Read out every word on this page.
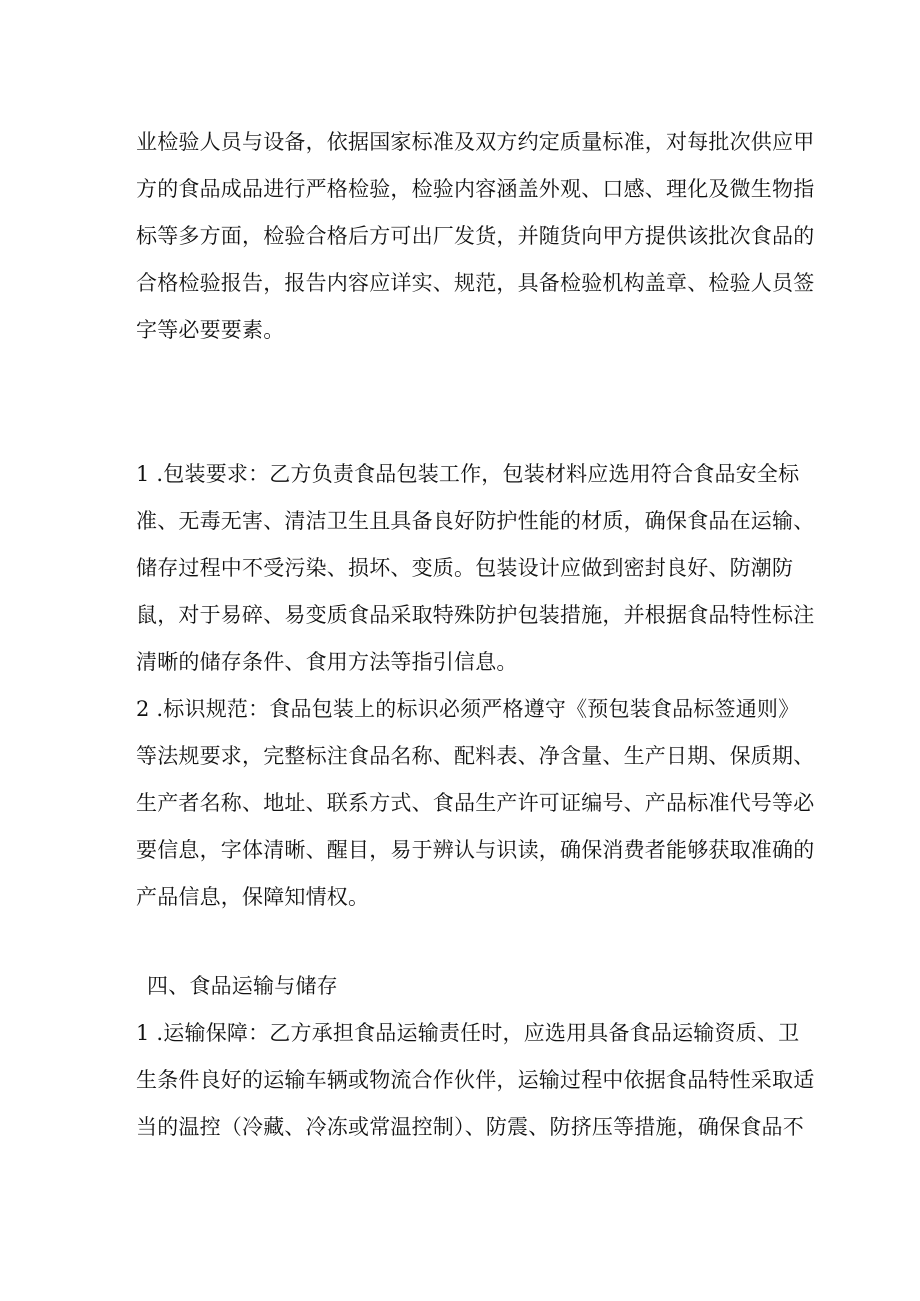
业检验人员与设备，依据国家标准及双方约定质量标准，对每批次供应甲
方的食品成品进行严格检验，检验内容涵盖外观、口感、理化及微生物指
标等多方面，检验合格后方可出厂发货，并随货向甲方提供该批次食品的
合格检验报告，报告内容应详实、规范，具备检验机构盖章、检验人员签
字等必要要素。
1 .包装要求：乙方负责食品包装工作，包装材料应选用符合食品安全标
准、无毒无害、清洁卫生且具备良好防护性能的材质，确保食品在运输、
储存过程中不受污染、损坏、变质。包装设计应做到密封良好、防潮防
鼠，对于易碎、易变质食品采取特殊防护包装措施，并根据食品特性标注
清晰的储存条件、食用方法等指引信息。
2 .标识规范：食品包装上的标识必须严格遵守《预包装食品标签通则》
等法规要求，完整标注食品名称、配料表、净含量、生产日期、保质期、
生产者名称、地址、联系方式、食品生产许可证编号、产品标准代号等必
要信息，字体清晰、醒目，易于辨认与识读，确保消费者能够获取准确的
产品信息，保障知情权。
四、食品运输与储存
1 .运输保障：乙方承担食品运输责任时，应选用具备食品运输资质、卫
生条件良好的运输车辆或物流合作伙伴，运输过程中依据食品特性采取适
当的温控（冷藏、冷冻或常温控制）、防震、防挤压等措施，确保食品不
